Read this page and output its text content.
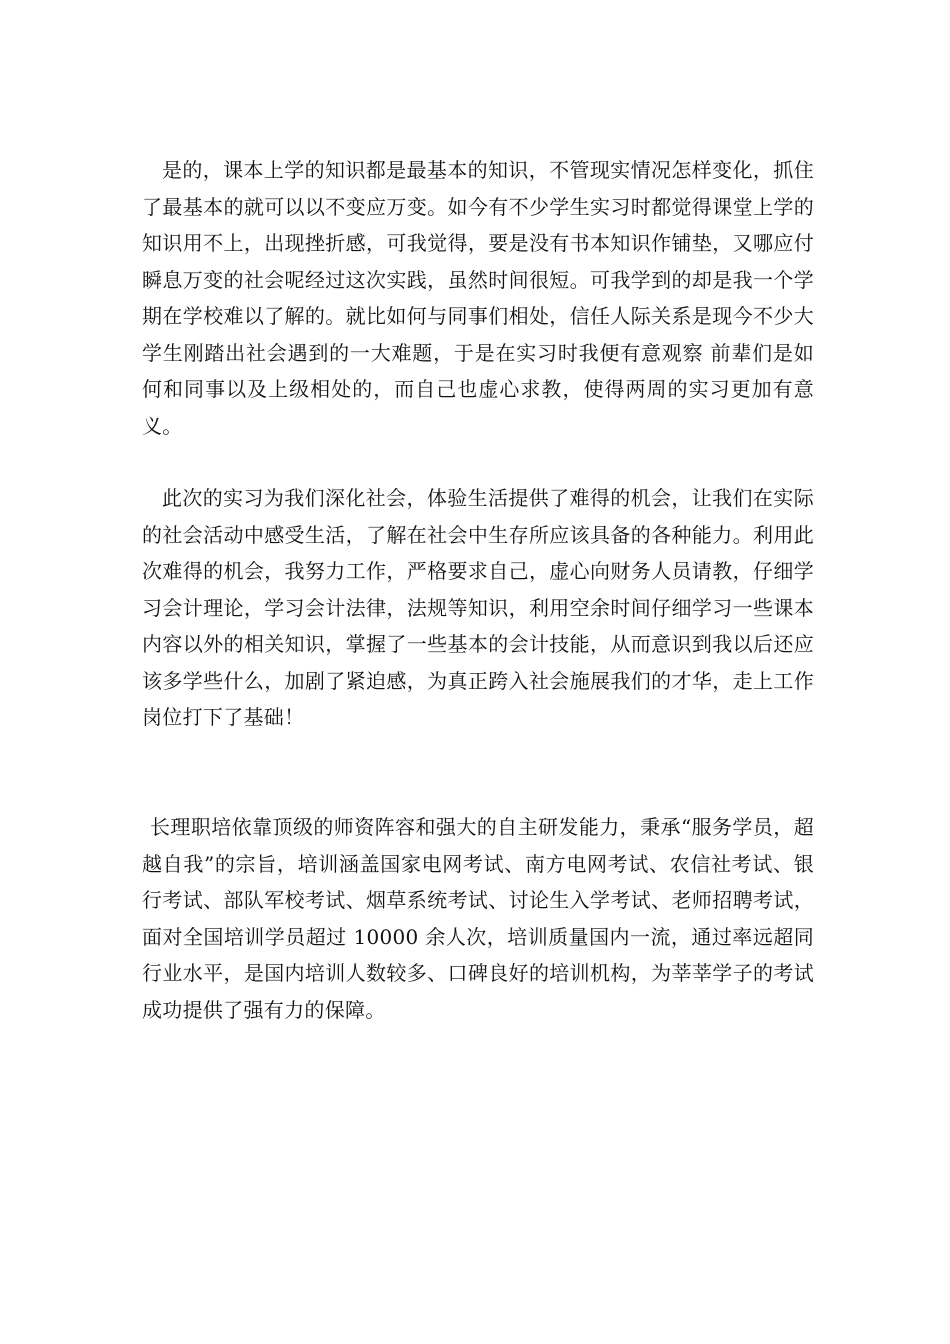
是的，课本上学的知识都是最基本的知识，不管现实情况怎样变化，抓住了最基本的就可以以不变应万变。如今有不少学生实习时都觉得课堂上学的知识用不上，出现挫折感，可我觉得，要是没有书本知识作铺垫，又哪应付瞬息万变的社会呢经过这次实践，虽然时间很短。可我学到的却是我一个学期在学校难以了解的。就比如何与同事们相处，信任人际关系是现今不少大学生刚踏出社会遇到的一大难题，于是在实习时我便有意观察 前辈们是如何和同事以及上级相处的，而自己也虚心求教，使得两周的实习更加有意义。

此次的实习为我们深化社会，体验生活提供了难得的机会，让我们在实际的社会活动中感受生活，了解在社会中生存所应该具备的各种能力。利用此次难得的机会，我努力工作，严格要求自己，虚心向财务人员请教，仔细学习会计理论，学习会计法律，法规等知识，利用空余时间仔细学习一些课本内容以外的相关知识，掌握了一些基本的会计技能，从而意识到我以后还应该多学些什么，加剧了紧迫感，为真正跨入社会施展我们的才华，走上工作岗位打下了基础！

长理职培依靠顶级的师资阵容和强大的自主研发能力，秉承“服务学员，超越自我”的宗旨，培训涵盖国家电网考试、南方电网考试、农信社考试、银行考试、部队军校考试、烟草系统考试、讨论生入学考试、老师招聘考试，面对全国培训学员超过 10000 余人次，培训质量国内一流，通过率远超同行业水平，是国内培训人数较多、口碑良好的培训机构，为莘莘学子的考试成功提供了强有力的保障。
